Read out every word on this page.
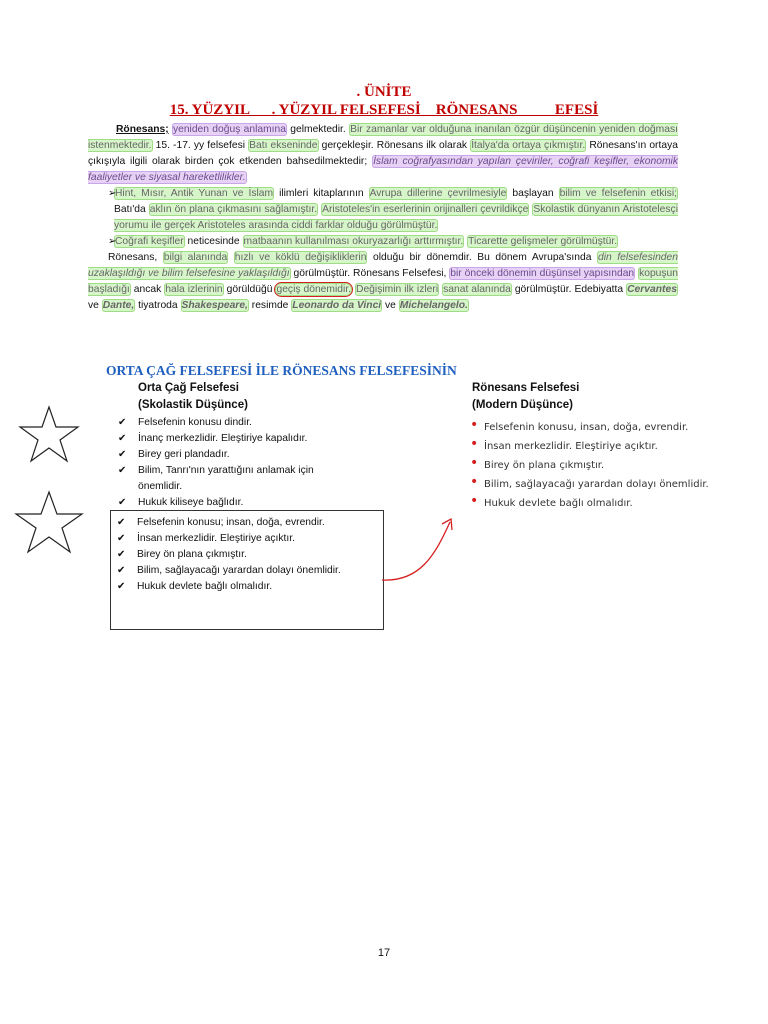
. ÜNİTE
15. YÜZYIL      . YÜZYIL FELSEFESİ    RÖNESANS          EFESİ

Rönesans; yeniden doğuş anlamına gelmektedir. Bir zamanlar var olduğuna inanılan özgür düşüncenin yeniden doğması istenmektedir. 15. -17. yy felsefesi Batı ekseninde gerçekleşir. Rönesans ilk olarak İtalya'da ortaya çıkmıştır. Rönesans'ın ortaya çıkışıyla ilgili olarak birden çok etkenden bahsedilmektedir; İslam coğrafyasından yapılan çeviriler, coğrafi keşifler, ekonomik faaliyetler ve siyasal hareketlilikler.

➢ Hint, Mısır, Antik Yunan ve İslam ilimleri kitaplarının Avrupa dillerine çevrilmesiyle başlayan bilim ve felsefenin etkisi; Batı'da aklın ön plana çıkmasını sağlamıştır. Aristoteles'in eserlerinin orijinalleri çevrildikçe Skolastik dünyanın Aristotelesçi yorumu ile gerçek Aristoteles arasında ciddi farklar olduğu görülmüştür.
➢ Coğrafi keşifler neticesinde matbaanın kullanılması okuryazarlığı arttırmıştır. Ticarette gelişmeler görülmüştür.

Rönesans, bilgi alanında hızlı ve köklü değişikliklerin olduğu bir dönemdir. Bu dönem Avrupa'sında din felsefesinden uzaklaşıldığı ve bilim felsefesine yaklaşıldığı görülmüştür. Rönesans Felsefesi, bir önceki dönemin düşünsel yapısından kopuşun başladığı ancak hala izlerinin görüldüğü geçiş dönemidir. Değişimin ilk izleri sanat alanında görülmüştür. Edebiyatta Cervantes ve Dante, tiyatroda Shakespeare, resimde Leonardo da Vinci ve Michelangelo.

ORTA ÇAĞ FELSEFESİ İLE RÖNESANS FELSEFESİNİN
Orta Çağ Felsefesi
(Skolastik Düşünce)
✔ Felsefenin konusu dindir.
✔ İnanç merkezlidir. Eleştiriye kapalıdır.
✔ Birey geri plandadır.
✔ Bilim, Tanrı'nın yarattığını anlamak için önemlidir.
✔ Hukuk kiliseye bağlıdır.
✔ Felsefenin konusu; insan, doğa, evrendir.
✔ İnsan merkezlidir. Eleştiriye açıktır.
✔ Birey ön plana çıkmıştır.
✔ Bilim, sağlayacağı yarardan dolayı önemlidir.
✔ Hukuk devlete bağlı olmalıdır.
Rönesans Felsefesi
(Modern Düşünce)
• Felsefenin konusu, insan, doğa, evrendir.
• İnsan merkezlidir. Eleştiriye açıktır.
• Birey ön plana çıkmıştır.
• Bilim, sağlayacağı yarardan dolayı önemlidir.
• Hukuk devlete bağlı olmalıdır.
17
